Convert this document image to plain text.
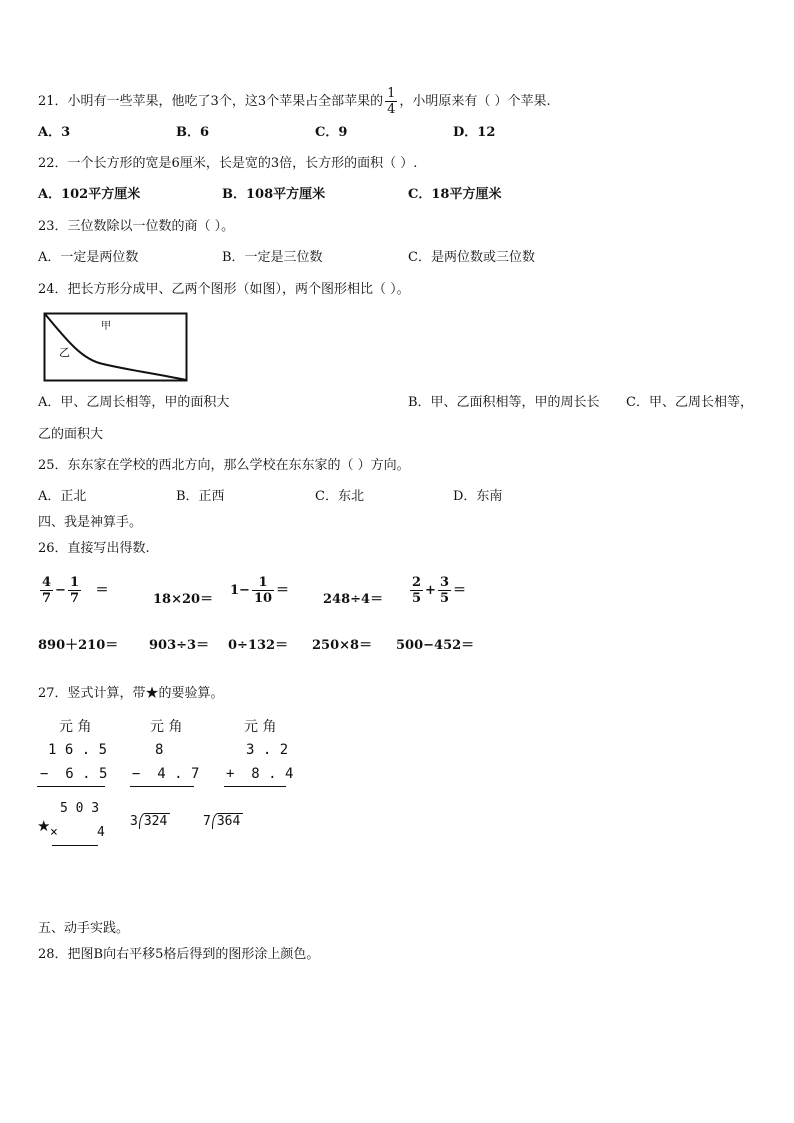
21．小明有一些苹果，他吃了3个，这3个苹果占全部苹果的 $\frac{1}{4}$ ，小明原来有（ ）个苹果.
A．3	B．6	C．9	D．12
22．一个长方形的宽是6厘米，长是宽的3倍，长方形的面积（ ）.
A．102平方厘米	B．108平方厘米	C．18平方厘米
23．三位数除以一位数的商（ ）。
A．一定是两位数	B．一定是三位数	C．是两位数或三位数
24．把长方形分成甲、乙两个图形（如图），两个图形相比（ ）。
甲
乙
A．甲、乙周长相等，甲的面积大	B．甲、乙面积相等，甲的周长长 C．甲、乙周长相等，
乙的面积大
25．东东家在学校的西北方向，那么学校在东东家的（ ）方向。
A．正北	B．正西	C．东北	D．东南
四、我是神算手。
26．直接写出得数.
$\frac{4}{7} - \frac{1}{7}$ ＝
18×20＝
$1- \frac{1}{10}$ ＝
$248\div 4= \frac{2}{5} + \frac{3}{5}$ ＝
890＋210＝ 903÷3＝ 0÷132＝ 250×8＝ 500−452＝
27．竖式计算，带★的要验算。
元 角
1 6 . 5
−  6 . 5
元 角
8
−  4 . 7
元 角
3 . 2
+  8 . 4
★
5 0 3
×     4
3 324	7 364
五、动手实践。
28．把图B向右平移5格后得到的图形涂上颜色。
